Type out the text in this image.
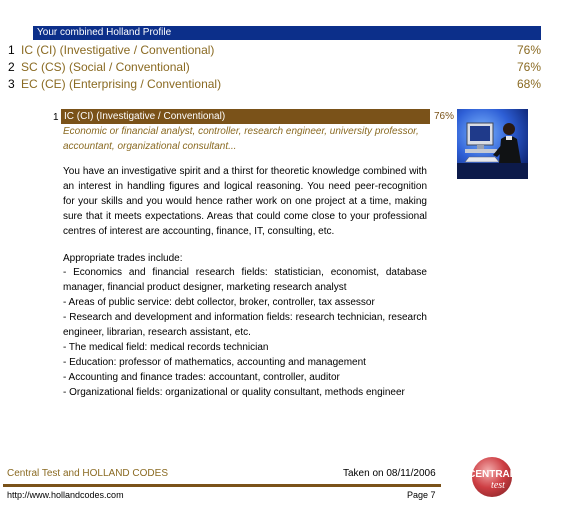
Your combined Holland Profile
1 IC (CI) (Investigative / Conventional)	76%
2 SC (CS) (Social / Conventional)	76%
3 EC (CE) (Enterprising / Conventional)	68%
1 IC (CI) (Investigative / Conventional)	76%
Economic or financial analyst, controller, research engineer, university professor, accountant, organizational consultant...
You have an investigative spirit and a thirst for theoretic knowledge combined with an interest in handling figures and logical reasoning. You need peer-recognition for your skills and you would hence rather work on one project at a time, making sure that it meets expectations. Areas that could come close to your professional centres of interest are accounting, finance, IT, consulting, etc.
Appropriate trades include:
- Economics and financial research fields: statistician, economist, database manager, financial product designer, marketing research analyst
- Areas of public service: debt collector, broker, controller, tax assessor
- Research and development and information fields: research technician, research engineer, librarian, research assistant, etc.
- The medical field: medical records technician
- Education: professor of mathematics, accounting and management
- Accounting and finance trades: accountant, controller, auditor
- Organizational fields: organizational or quality consultant, methods engineer
Central Test and HOLLAND CODES	Taken on 08/11/2006
http://www.hollandcodes.com	Page 7
CENTRAL
test
